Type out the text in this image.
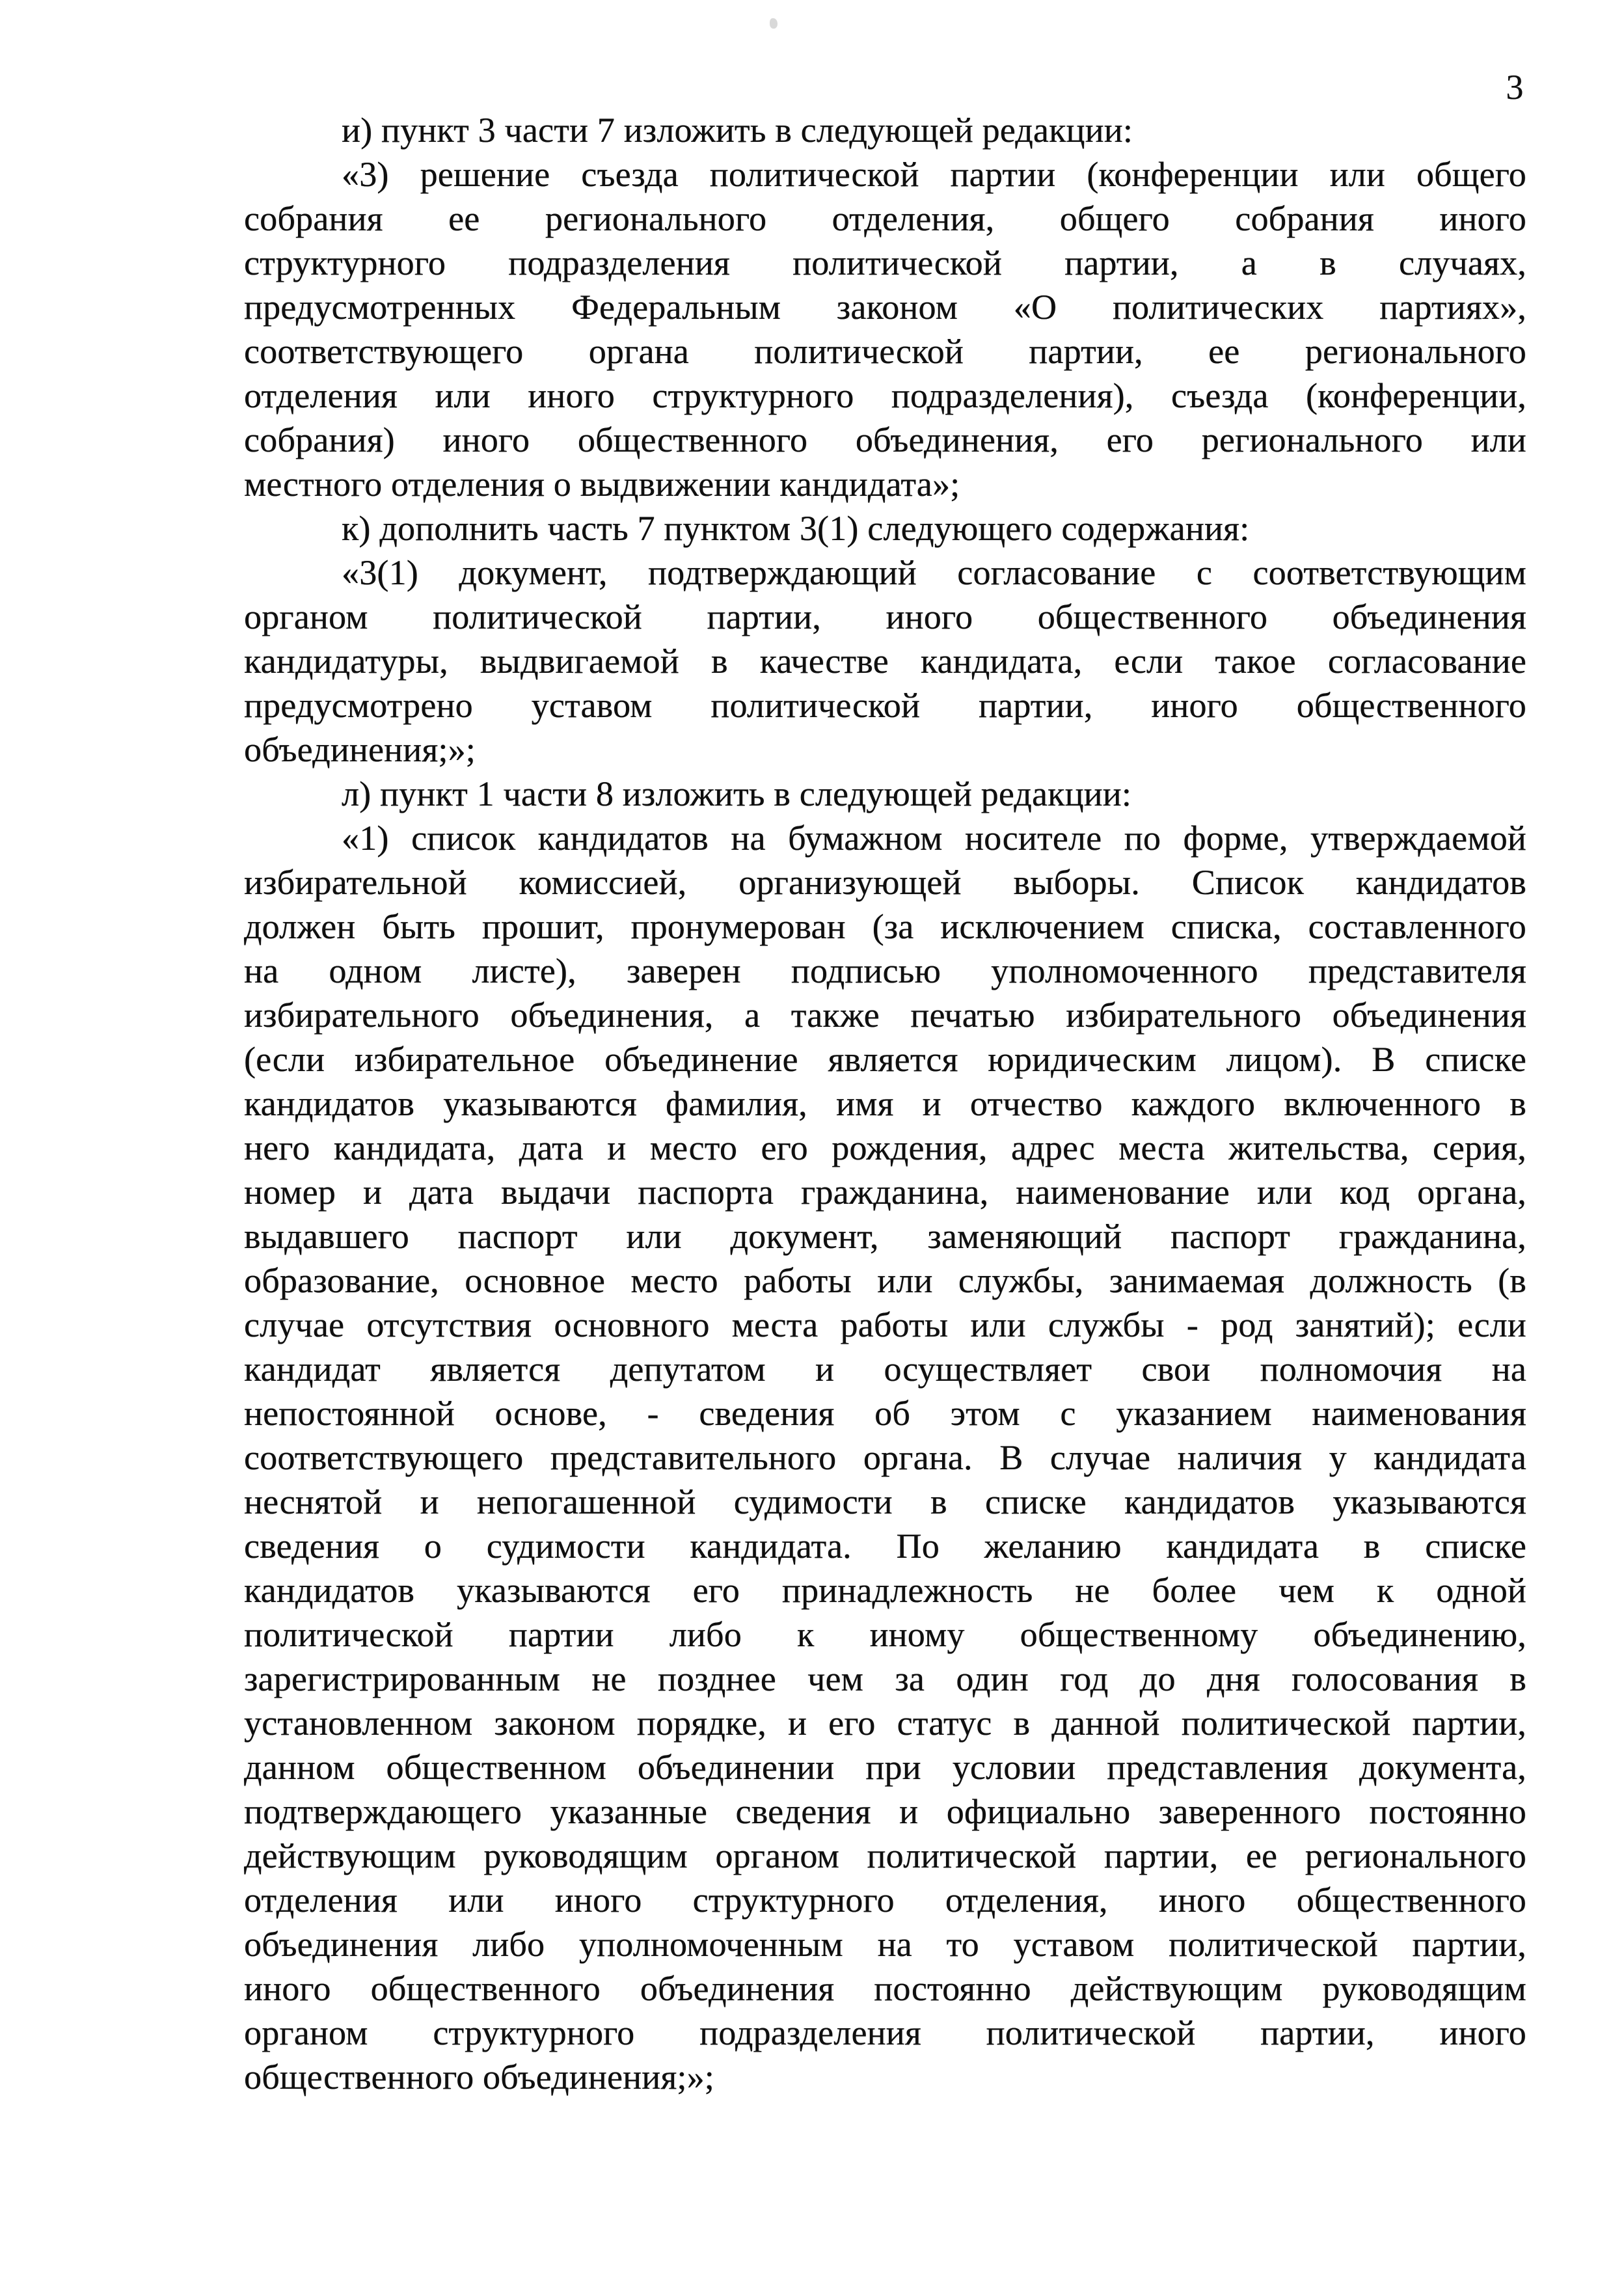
3
и) пункт 3 части 7 изложить в следующей редакции:
«3) решение съезда политической партии (конференции или общего
собрания ее регионального отделения, общего собрания иного
структурного подразделения политической партии, а в случаях,
предусмотренных Федеральным законом «О политических партиях»,
соответствующего органа политической партии, ее регионального
отделения или иного структурного подразделения), съезда (конференции,
собрания) иного общественного объединения, его регионального или
местного отделения о выдвижении кандидата»;
к) дополнить часть 7 пунктом 3(1) следующего содержания:
«3(1) документ, подтверждающий согласование с соответствующим
органом политической партии, иного общественного объединения
кандидатуры, выдвигаемой в качестве кандидата, если такое согласование
предусмотрено уставом политической партии, иного общественного
объединения;»;
л) пункт 1 части 8 изложить в следующей редакции:
«1) список кандидатов на бумажном носителе по форме, утверждаемой
избирательной комиссией, организующей выборы. Список кандидатов
должен быть прошит, пронумерован (за исключением списка, составленного
на одном листе), заверен подписью уполномоченного представителя
избирательного объединения, а также печатью избирательного объединения
(если избирательное объединение является юридическим лицом). В списке
кандидатов указываются фамилия, имя и отчество каждого включенного в
него кандидата, дата и место его рождения, адрес места жительства, серия,
номер и дата выдачи паспорта гражданина, наименование или код органа,
выдавшего паспорт или документ, заменяющий паспорт гражданина,
образование, основное место работы или службы, занимаемая должность (в
случае отсутствия основного места работы или службы - род занятий); если
кандидат является депутатом и осуществляет свои полномочия на
непостоянной основе, - сведения об этом с указанием наименования
соответствующего представительного органа. В случае наличия у кандидата
неснятой и непогашенной судимости в списке кандидатов указываются
сведения о судимости кандидата. По желанию кандидата в списке
кандидатов указываются его принадлежность не более чем к одной
политической партии либо к иному общественному объединению,
зарегистрированным не позднее чем за один год до дня голосования в
установленном законом порядке, и его статус в данной политической партии,
данном общественном объединении при условии представления документа,
подтверждающего указанные сведения и официально заверенного постоянно
действующим руководящим органом политической партии, ее регионального
отделения или иного структурного отделения, иного общественного
объединения либо уполномоченным на то уставом политической партии,
иного общественного объединения постоянно действующим руководящим
органом структурного подразделения политической партии, иного
общественного объединения;»;
